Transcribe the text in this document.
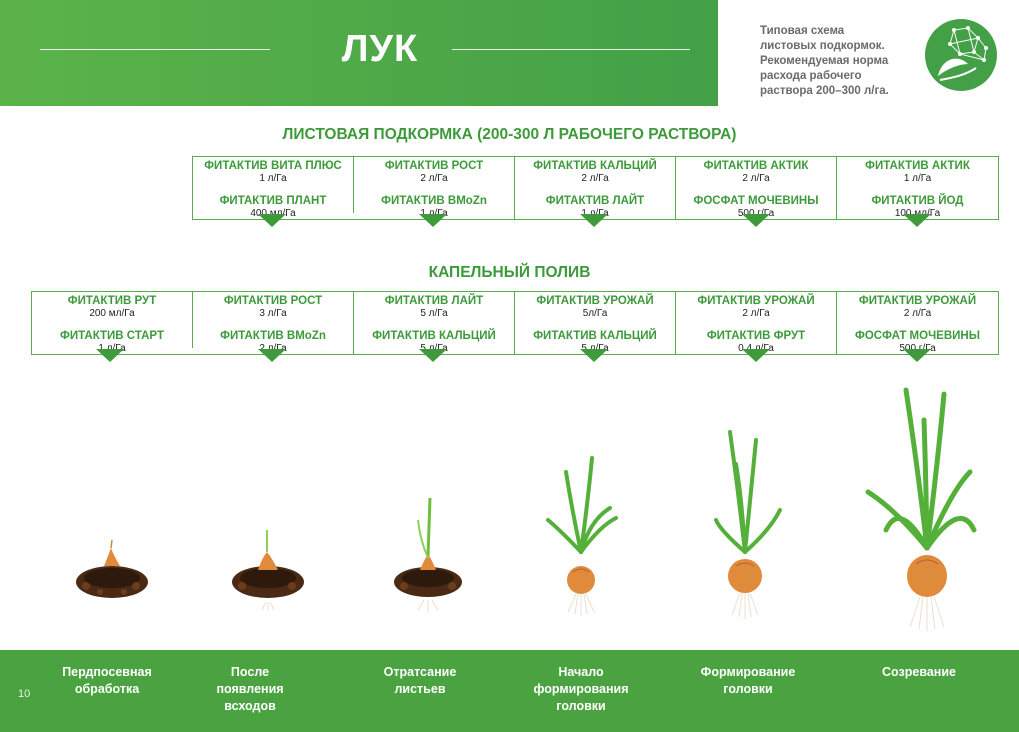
ЛУК	Типовая схема
листовых подкормок.
Рекомендуемая норма
расхода рабочего
раствора 200–300 л/га.
ЛИСТОВАЯ ПОДКОРМКА (200-300 Л РАБОЧЕГО РАСТВОРА)
ФИТАКТИВ ВИТА ПЛЮС
1 л/Га
ФИТАКТИВ ПЛАНТ
400 мл/Га
ФИТАКТИВ РОСТ
2 л/Га
ФИТАКТИВ BMoZn
1 л/Га
ФИТАКТИВ КАЛЬЦИЙ
2 л/Га
ФИТАКТИВ ЛАЙТ
1 л/Га
ФИТАКТИВ АКТИК
2 л/Га
ФОСФАТ МОЧЕВИНЫ
500 г/Га
ФИТАКТИВ АКТИК
1 л/Га
ФИТАКТИВ ЙОД
100 мл/Га
КАПЕЛЬНЫЙ ПОЛИВ
ФИТАКТИВ РУТ
200 мл/Га
ФИТАКТИВ СТАРТ
1 л/Га
ФИТАКТИВ РОСТ
3 л/Га
ФИТАКТИВ BMoZn
2 л/Га
ФИТАКТИВ ЛАЙТ
5 л/Га
ФИТАКТИВ КАЛЬЦИЙ
5 л/Га
ФИТАКТИВ УРОЖАЙ
5л/Га
ФИТАКТИВ КАЛЬЦИЙ
5 л/Га
ФИТАКТИВ УРОЖАЙ
2 л/Га
ФИТАКТИВ ФРУТ
0,4 л/Га
ФИТАКТИВ УРОЖАЙ
2 л/Га
ФОСФАТ МОЧЕВИНЫ
500 г/Га
10
Пердпосевная
обработка
После
появления
всходов
Отратсание
листьев
Начало
формирования
головки
Формирование
головки
Созревание
